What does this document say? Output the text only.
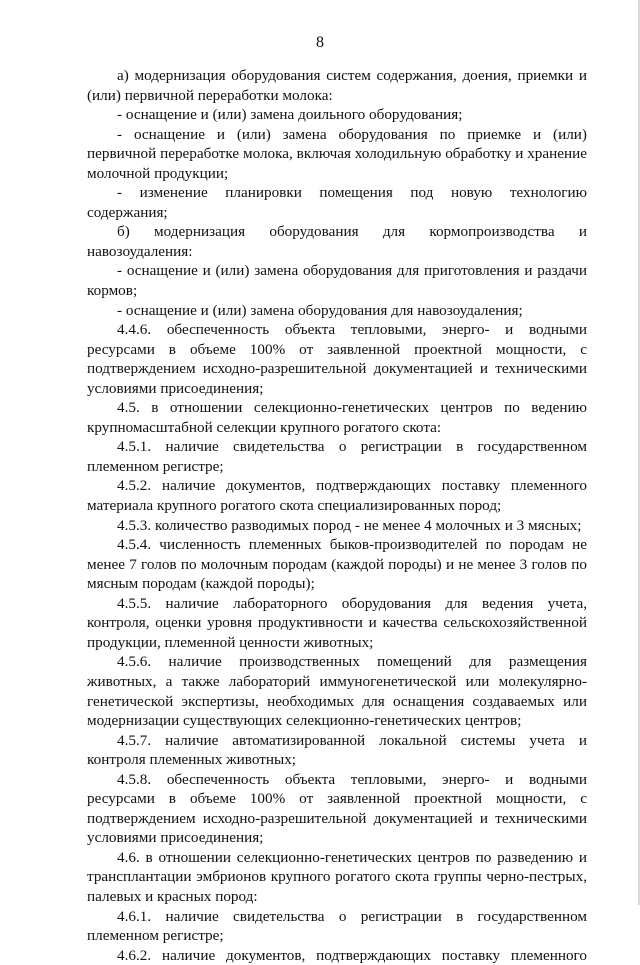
8

а) модернизация оборудования систем содержания, доения, приемки и (или) первичной переработки молока:

- оснащение и (или) замена доильного оборудования;

- оснащение и (или) замена оборудования по приемке и (или) первичной переработке молока, включая холодильную обработку и хранение молочной продукции;

- изменение планировки помещения под новую технологию содержания;

б) модернизация оборудования для кормопроизводства и навозоудаления:

- оснащение и (или) замена оборудования для приготовления и раздачи кормов;

- оснащение и (или) замена оборудования для навозоудаления;

4.4.6. обеспеченность объекта тепловыми, энерго- и водными ресурсами в объеме 100% от заявленной проектной мощности, с подтверждением исходно-разрешительной документацией и техническими условиями присоединения;

4.5. в отношении селекционно-генетических центров по ведению крупномасштабной селекции крупного рогатого скота:

4.5.1. наличие свидетельства о регистрации в государственном племенном регистре;

4.5.2. наличие документов, подтверждающих поставку племенного материала крупного рогатого скота специализированных пород;

4.5.3. количество разводимых пород - не менее 4 молочных и 3 мясных;

4.5.4. численность племенных быков-производителей по породам не менее 7 голов по молочным породам (каждой породы) и не менее 3 голов по мясным породам (каждой породы);

4.5.5. наличие лабораторного оборудования для ведения учета, контроля, оценки уровня продуктивности и качества сельскохозяйственной продукции, племенной ценности животных;

4.5.6. наличие производственных помещений для размещения животных, а также лабораторий иммуногенетической или молекулярно-генетической экспертизы, необходимых для оснащения создаваемых или модернизации существующих селекционно-генетических центров;

4.5.7. наличие автоматизированной локальной системы учета и контроля племенных животных;

4.5.8. обеспеченность объекта тепловыми, энерго- и водными ресурсами в объеме 100% от заявленной проектной мощности, с подтверждением исходно-разрешительной документацией и техническими условиями присоединения;

4.6. в отношении селекционно-генетических центров по разведению и трансплантации эмбрионов крупного рогатого скота группы черно-пестрых, палевых и красных пород:

4.6.1. наличие свидетельства о регистрации в государственном племенном регистре;

4.6.2. наличие документов, подтверждающих поставку племенного
